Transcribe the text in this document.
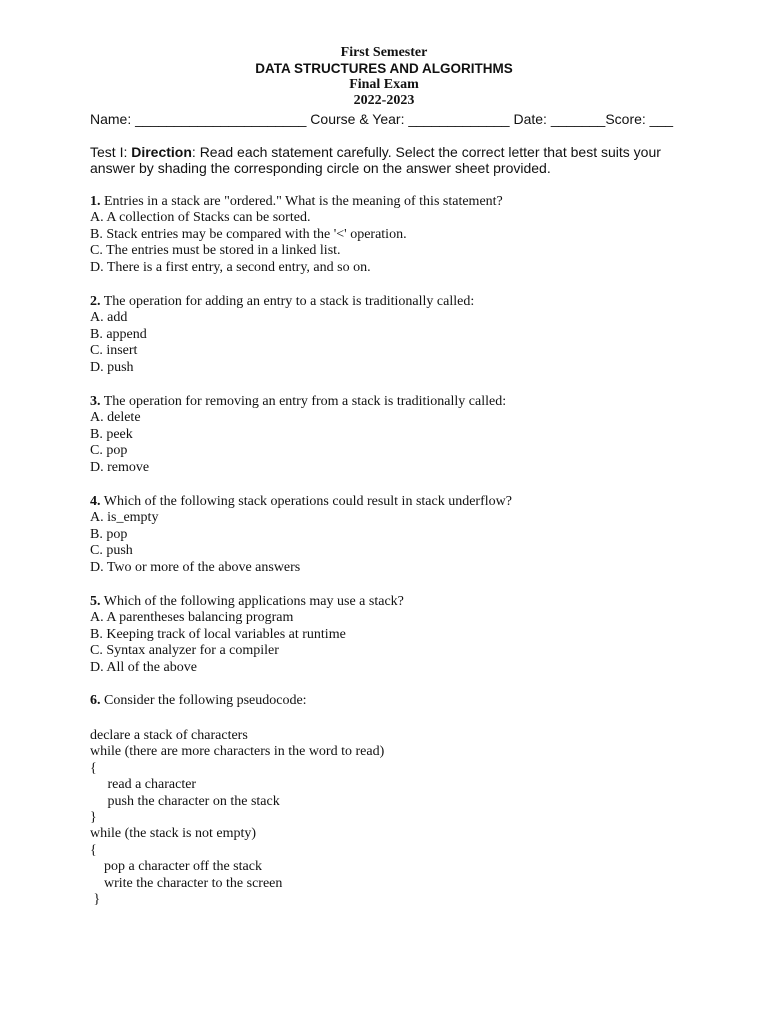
First Semester
DATA STRUCTURES AND ALGORITHMS
Final Exam
2022-2023
Name: ______________________ Course & Year: _____________ Date: _______Score: ___
Test I: Direction: Read each statement carefully. Select the correct letter that best suits your answer by shading the corresponding circle on the answer sheet provided.
1. Entries in a stack are "ordered." What is the meaning of this statement?
A. A collection of Stacks can be sorted.
B. Stack entries may be compared with the '<' operation.
C. The entries must be stored in a linked list.
D. There is a first entry, a second entry, and so on.
2. The operation for adding an entry to a stack is traditionally called:
A. add
B. append
C. insert
D. push
3. The operation for removing an entry from a stack is traditionally called:
A. delete
B. peek
C. pop
D. remove
4. Which of the following stack operations could result in stack underflow?
A. is_empty
B. pop
C. push
D. Two or more of the above answers
5. Which of the following applications may use a stack?
A. A parentheses balancing program
B. Keeping track of local variables at runtime
C. Syntax analyzer for a compiler
D. All of the above
6. Consider the following pseudocode:
declare a stack of characters
while (there are more characters in the word to read)
{
read a character
push the character on the stack
}
while (the stack is not empty)
{
pop a character off the stack
write the character to the screen
}
